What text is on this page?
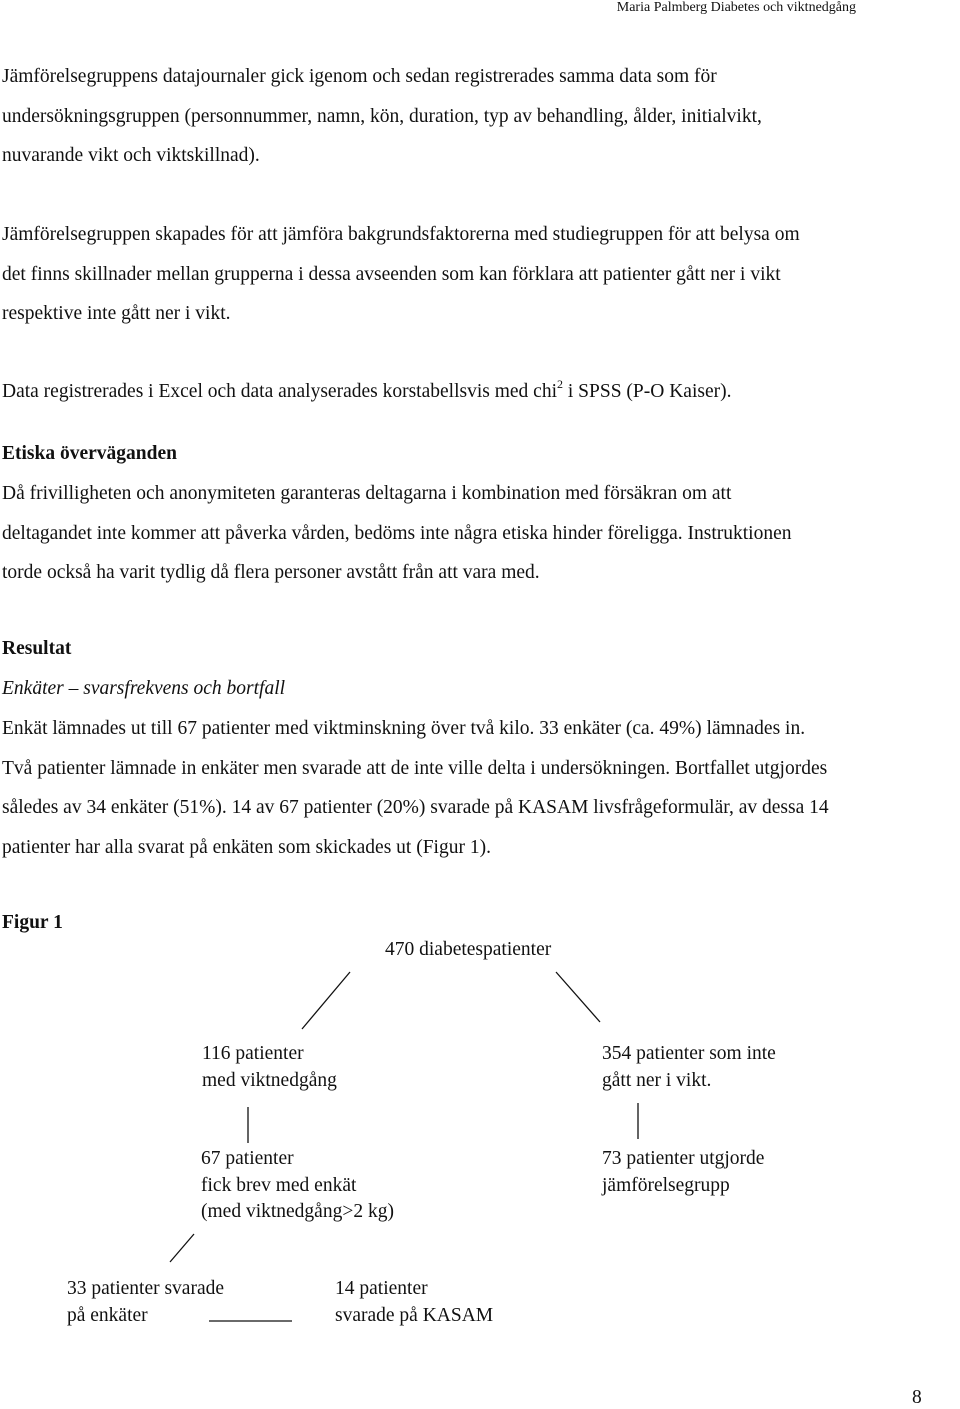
Maria Palmberg Diabetes och viktnedgång
Jämförelsegruppens datajournaler gick igenom och sedan registrerades samma data som för
undersökningsgruppen (personnummer, namn, kön, duration, typ av behandling, ålder, initialvikt,
nuvarande vikt och viktskillnad).
Jämförelsegruppen skapades för att jämföra bakgrundsfaktorerna med studiegruppen för att belysa om
det finns skillnader mellan grupperna i dessa avseenden som kan förklara att patienter gått ner i vikt
respektive inte gått ner i vikt.
Data registrerades i Excel och data analyserades korstabellsvis med chi$^2$ i SPSS (P-O Kaiser).
Etiska överväganden
Då frivilligheten och anonymiteten garanteras deltagarna i kombination med försäkran om att
deltagandet inte kommer att påverka vården, bedöms inte några etiska hinder föreligga. Instruktionen
torde också ha varit tydlig då flera personer avstått från att vara med.
Resultat
Enkäter – svarsfrekvens och bortfall
Enkät lämnades ut till 67 patienter med viktminskning över två kilo. 33 enkäter (ca. 49%) lämnades in.
Två patienter lämnade in enkäter men svarade att de inte ville delta i undersökningen. Bortfallet utgjordes
således av 34 enkäter (51%). 14 av 67 patienter (20%) svarade på KASAM livsfrågeformulär, av dessa 14
patienter har alla svarat på enkäten som skickades ut (Figur 1).
Figur 1
470 diabetespatienter
116 patienter
med viktnedgång
354 patienter som inte
gått ner i vikt.
67 patienter
fick brev med enkät
(med viktnedgång>2 kg)
73 patienter utgjorde
jämförelsegrupp
33 patienter svarade
på enkäter
14 patienter
svarade på KASAM
8
